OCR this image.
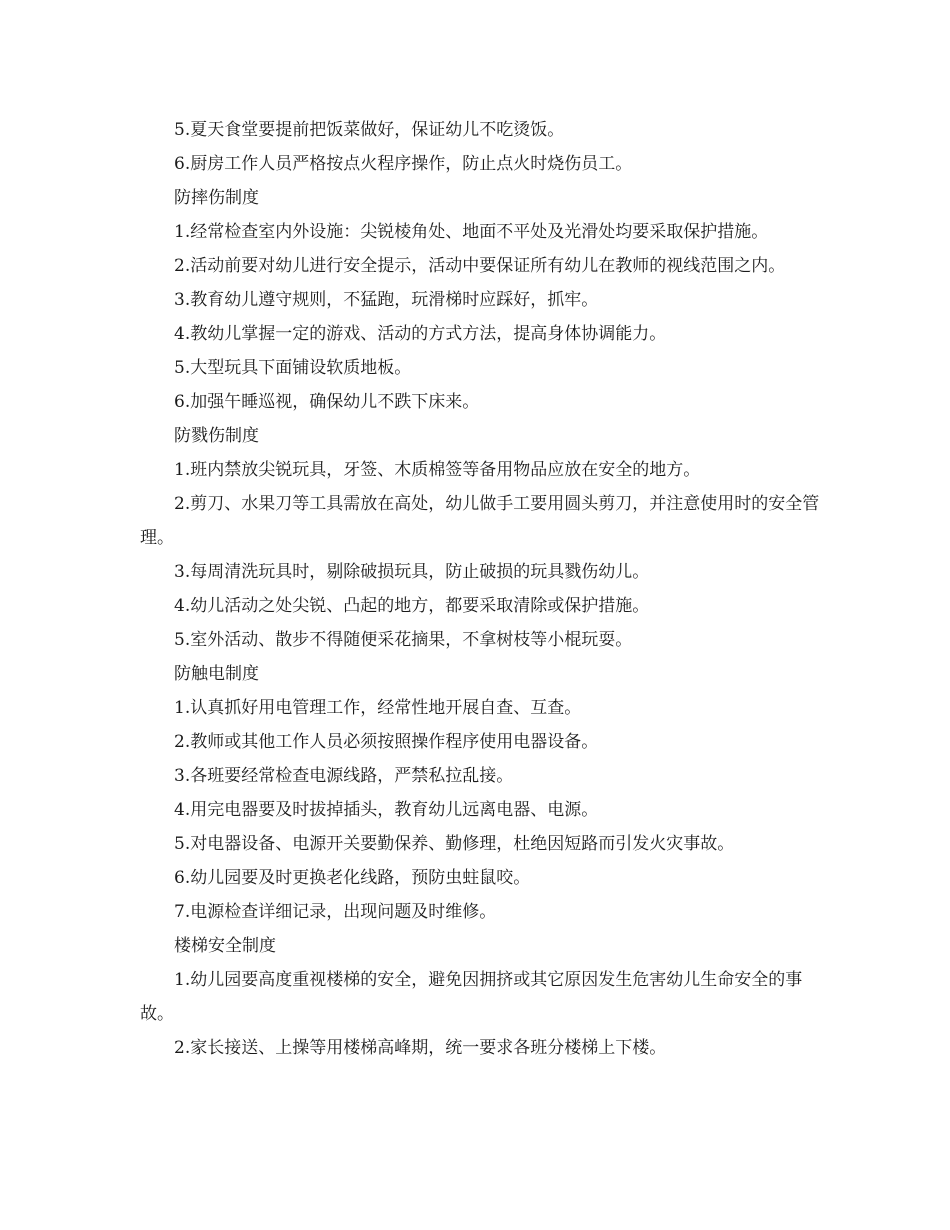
5.夏天食堂要提前把饭菜做好，保证幼儿不吃烫饭。

6.厨房工作人员严格按点火程序操作，防止点火时烧伤员工。

防摔伤制度

1.经常检查室内外设施：尖锐棱角处、地面不平处及光滑处均要采取保护措施。

2.活动前要对幼儿进行安全提示，活动中要保证所有幼儿在教师的视线范围之内。

3.教育幼儿遵守规则，不猛跑，玩滑梯时应踩好，抓牢。

4.教幼儿掌握一定的游戏、活动的方式方法，提高身体协调能力。

5.大型玩具下面铺设软质地板。

6.加强午睡巡视，确保幼儿不跌下床来。

防戮伤制度

1.班内禁放尖锐玩具，牙签、木质棉签等备用物品应放在安全的地方。

2.剪刀、水果刀等工具需放在高处，幼儿做手工要用圆头剪刀，并注意使用时的安全管理。

3.每周清洗玩具时，剔除破损玩具，防止破损的玩具戮伤幼儿。

4.幼儿活动之处尖锐、凸起的地方，都要采取清除或保护措施。

5.室外活动、散步不得随便采花摘果，不拿树枝等小棍玩耍。

防触电制度

1.认真抓好用电管理工作，经常性地开展自查、互查。

2.教师或其他工作人员必须按照操作程序使用电器设备。

3.各班要经常检查电源线路，严禁私拉乱接。

4.用完电器要及时拔掉插头，教育幼儿远离电器、电源。

5.对电器设备、电源开关要勤保养、勤修理，杜绝因短路而引发火灾事故。

6.幼儿园要及时更换老化线路，预防虫蛀鼠咬。

7.电源检查详细记录，出现问题及时维修。

楼梯安全制度

1.幼儿园要高度重视楼梯的安全，避免因拥挤或其它原因发生危害幼儿生命安全的事故。

2.家长接送、上操等用楼梯高峰期，统一要求各班分楼梯上下楼。
